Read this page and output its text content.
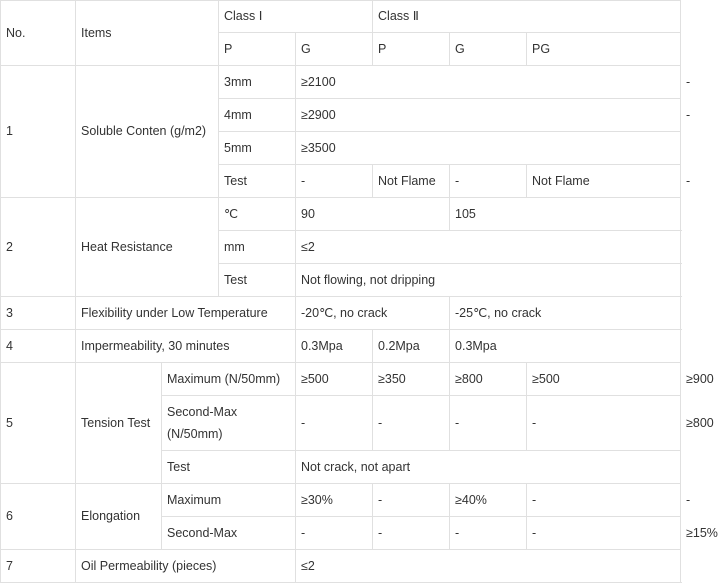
No.	Items		Class Ⅰ		Class Ⅱ			
			P	G	P	G	PG	
1	Soluble Conten (g/m2)		3mm	≥2100				-
			4mm	≥2900				-
			5mm	≥3500				
			Test	-	Not Flame	-	Not Flame	-
2	Heat Resistance		℃	90		105		
			mm	≤2				
			Test	Not flowing, not dripping				
3	Flexibility under Low Temperature			-20℃, no crack		-25℃, no crack		
4	Impermeability, 30 minutes			0.3Mpa	0.2Mpa	0.3Mpa		
5	Tension Test	Maximum (N/50mm)		≥500	≥350	≥800	≥500	≥900
		Second-Max (N/50mm)		-	-	-	-	≥800
		Test		Not crack, not apart				
6	Elongation	Maximum		≥30%	-	≥40%	-	-
		Second-Max		-	-	-	-	≥15%
7	Oil Permeability (pieces)			≤2				
